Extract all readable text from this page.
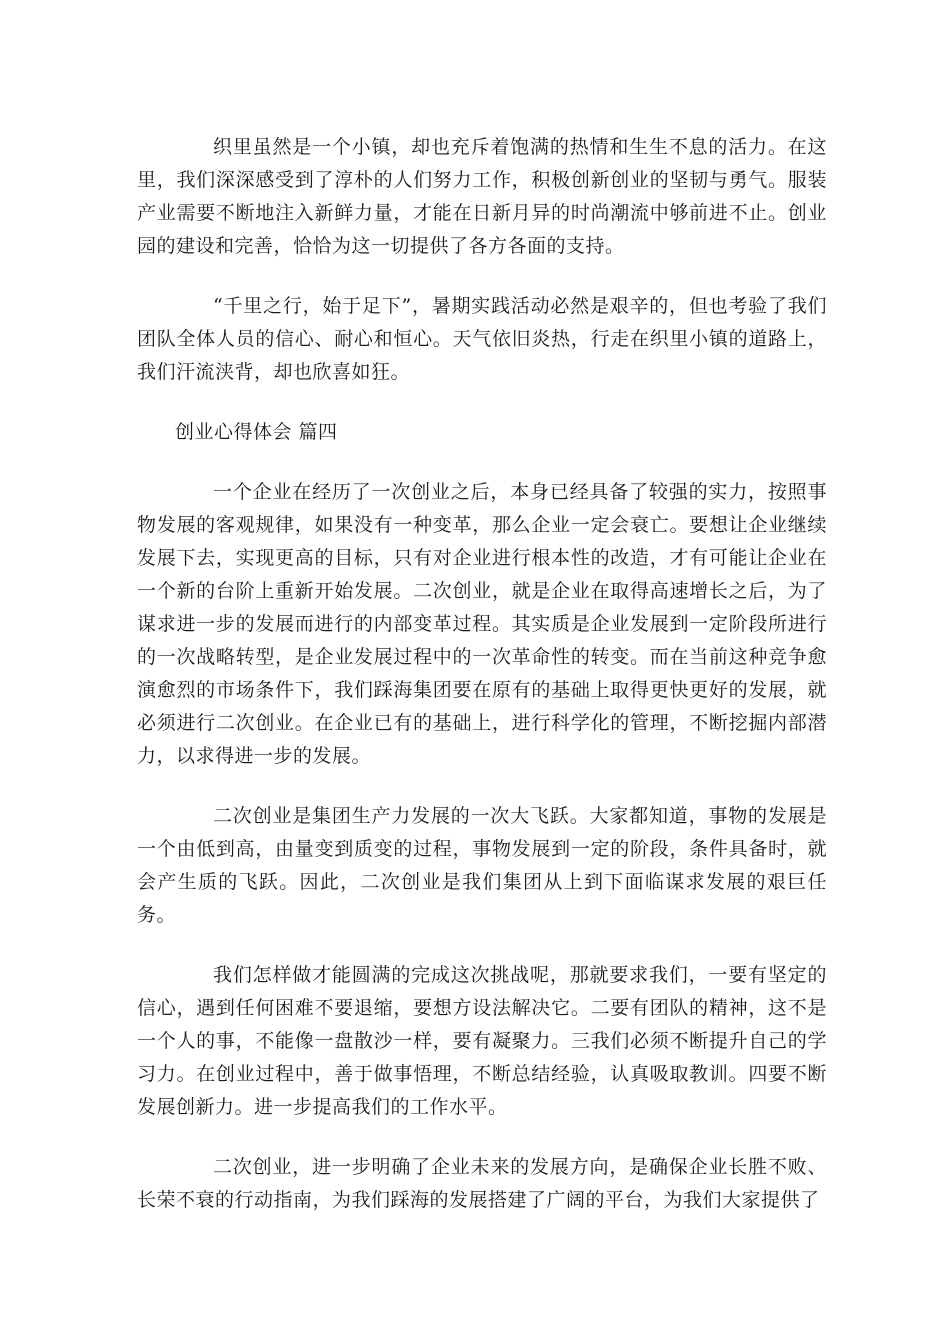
织里虽然是一个小镇，却也充斥着饱满的热情和生生不息的活力。在这里，我们深深感受到了淳朴的人们努力工作，积极创新创业的坚韧与勇气。服装产业需要不断地注入新鲜力量，才能在日新月异的时尚潮流中够前进不止。创业园的建设和完善，恰恰为这一切提供了各方各面的支持。

“千里之行，始于足下”，暑期实践活动必然是艰辛的，但也考验了我们团队全体人员的信心、耐心和恒心。天气依旧炎热，行走在织里小镇的道路上，我们汗流浃背，却也欣喜如狂。

创业心得体会 篇四

一个企业在经历了一次创业之后，本身已经具备了较强的实力，按照事物发展的客观规律，如果没有一种变革，那么企业一定会衰亡。要想让企业继续发展下去，实现更高的目标，只有对企业进行根本性的改造，才有可能让企业在一个新的台阶上重新开始发展。二次创业，就是企业在取得高速增长之后，为了谋求进一步的发展而进行的内部变革过程。其实质是企业发展到一定阶段所进行的一次战略转型，是企业发展过程中的一次革命性的转变。而在当前这种竞争愈演愈烈的市场条件下，我们踩海集团要在原有的基础上取得更快更好的发展，就必须进行二次创业。在企业已有的基础上，进行科学化的管理，不断挖掘内部潜力，以求得进一步的发展。

二次创业是集团生产力发展的一次大飞跃。大家都知道，事物的发展是一个由低到高，由量变到质变的过程，事物发展到一定的阶段，条件具备时，就会产生质的飞跃。因此，二次创业是我们集团从上到下面临谋求发展的艰巨任务。

我们怎样做才能圆满的完成这次挑战呢，那就要求我们，一要有坚定的信心，遇到任何困难不要退缩，要想方设法解决它。二要有团队的精神，这不是一个人的事，不能像一盘散沙一样，要有凝聚力。三我们必须不断提升自己的学习力。在创业过程中，善于做事悟理，不断总结经验，认真吸取教训。四要不断发展创新力。进一步提高我们的工作水平。

二次创业，进一步明确了企业未来的发展方向，是确保企业长胜不败、长荣不衰的行动指南，为我们踩海的发展搭建了广阔的平台，为我们大家提供了
